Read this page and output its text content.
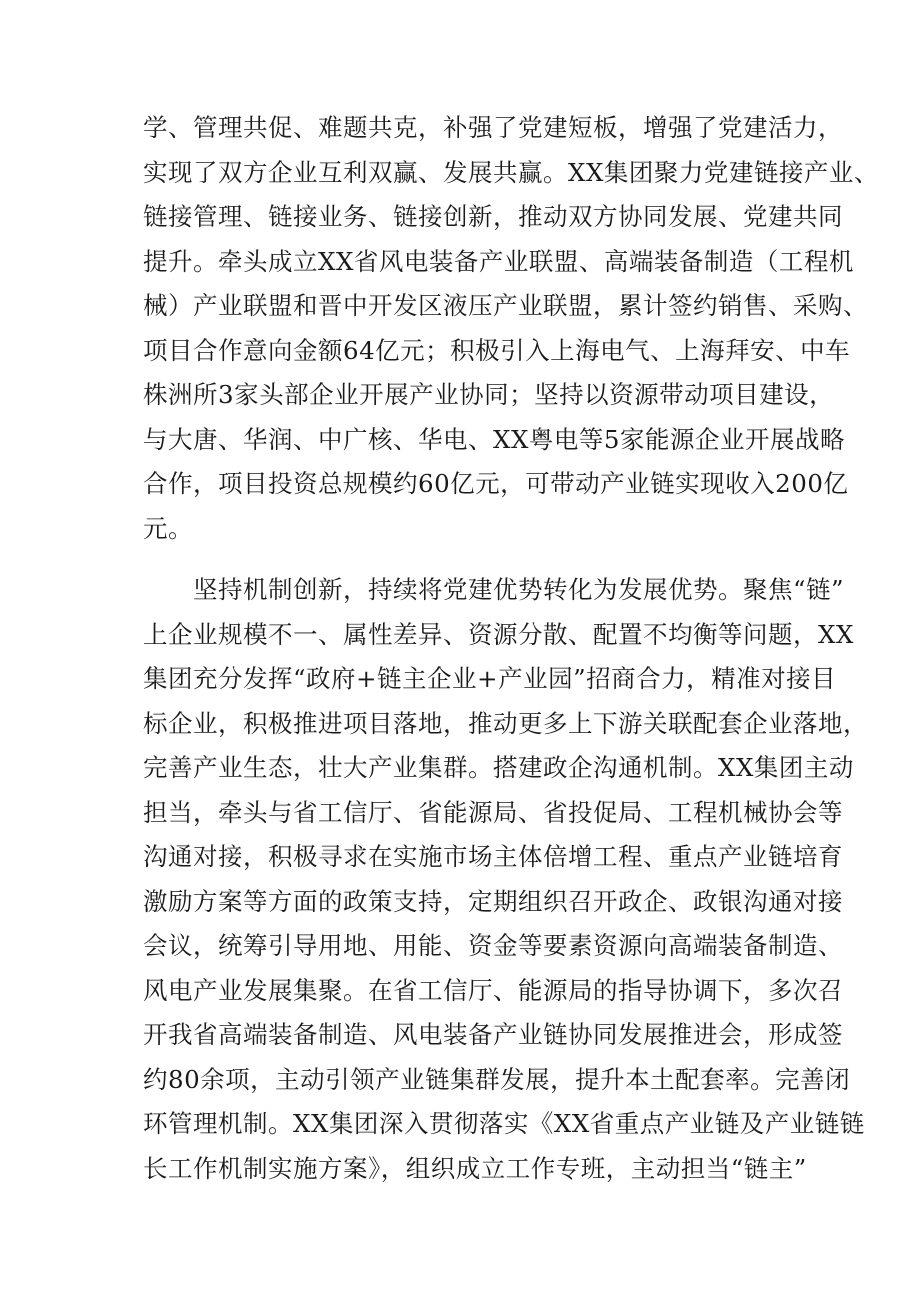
学、管理共促、难题共克，补强了党建短板，增强了党建活力，
实现了双方企业互利双赢、发展共赢。XX集团聚力党建链接产业、
链接管理、链接业务、链接创新，推动双方协同发展、党建共同
提升。牵头成立XX省风电装备产业联盟、高端装备制造（工程机
械）产业联盟和晋中开发区液压产业联盟，累计签约销售、采购、
项目合作意向金额64亿元；积极引入上海电气、上海拜安、中车
株洲所3家头部企业开展产业协同；坚持以资源带动项目建设，
与大唐、华润、中广核、华电、XX粤电等5家能源企业开展战略
合作，项目投资总规模约60亿元，可带动产业链实现收入200亿
元。
　　坚持机制创新，持续将党建优势转化为发展优势。聚焦“链”
上企业规模不一、属性差异、资源分散、配置不均衡等问题，XX
集团充分发挥“政府+链主企业+产业园”招商合力，精准对接目
标企业，积极推进项目落地，推动更多上下游关联配套企业落地，
完善产业生态，壮大产业集群。搭建政企沟通机制。XX集团主动
担当，牵头与省工信厅、省能源局、省投促局、工程机械协会等
沟通对接，积极寻求在实施市场主体倍增工程、重点产业链培育
激励方案等方面的政策支持，定期组织召开政企、政银沟通对接
会议，统筹引导用地、用能、资金等要素资源向高端装备制造、
风电产业发展集聚。在省工信厅、能源局的指导协调下，多次召
开我省高端装备制造、风电装备产业链协同发展推进会，形成签
约80余项，主动引领产业链集群发展，提升本土配套率。完善闭
环管理机制。XX集团深入贯彻落实《XX省重点产业链及产业链链
长工作机制实施方案》，组织成立工作专班，主动担当“链主”
